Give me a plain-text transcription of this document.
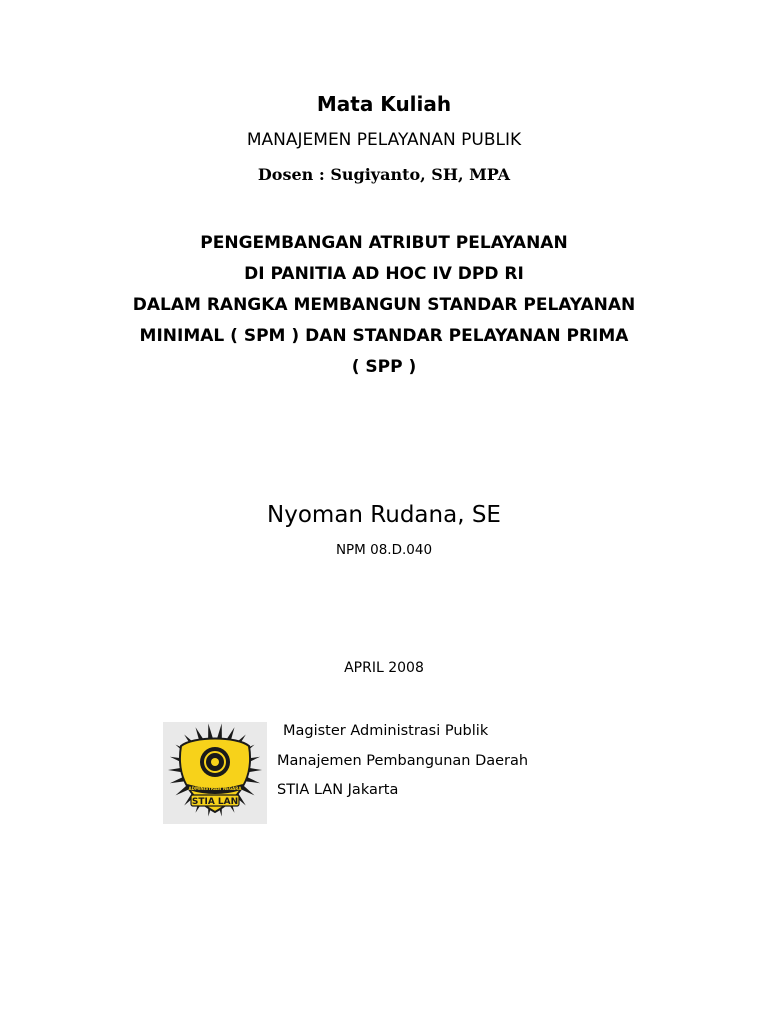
Mata Kuliah
MANAJEMEN PELAYANAN PUBLIK
Dosen : Sugiyanto, SH, MPA
PENGEMBANGAN ATRIBUT PELAYANAN
DI PANITIA AD HOC IV DPD RI
DALAM RANGKA MEMBANGUN STANDAR PELAYANAN
MINIMAL ( SPM ) DAN STANDAR PELAYANAN PRIMA
( SPP )
Nyoman Rudana, SE
NPM 08.D.040
APRIL 2008
ADMINISTRASI NEGARA
STIA LAN
Magister Administrasi Publik
Manajemen Pembangunan Daerah
STIA LAN Jakarta
